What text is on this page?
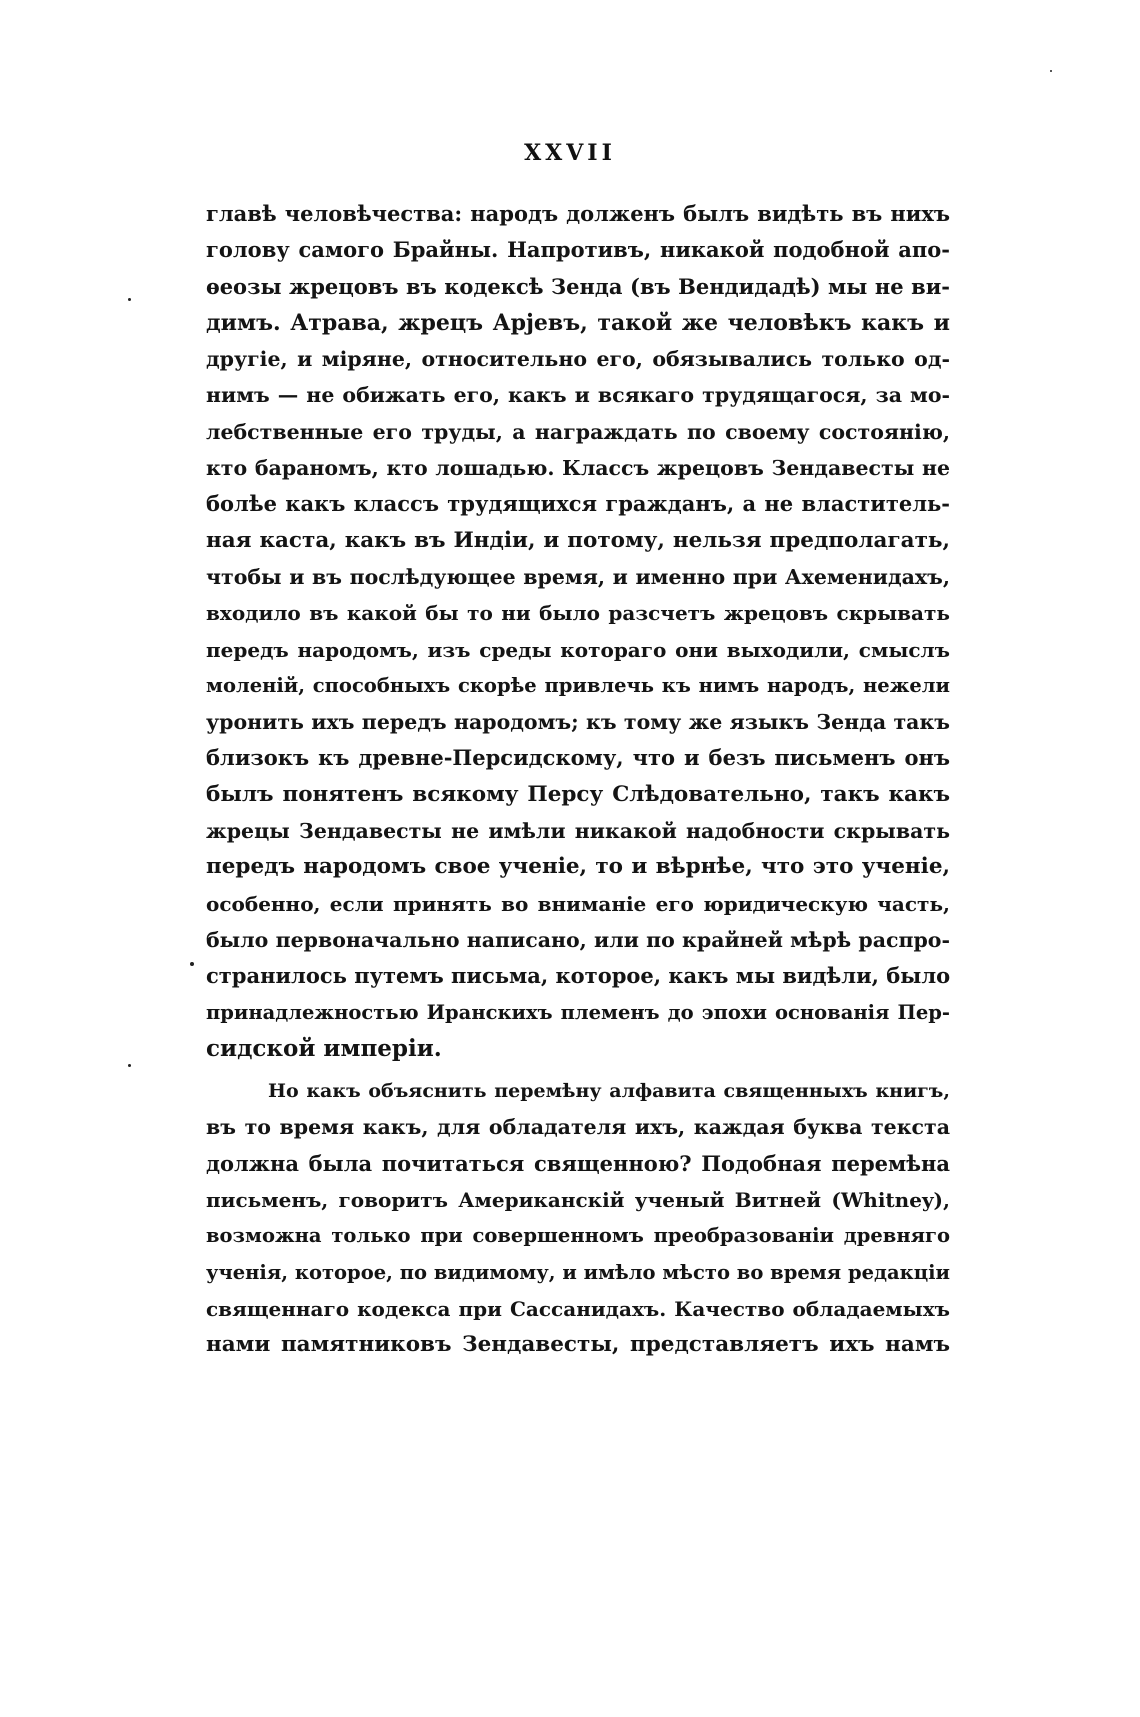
XXVII
главѣ человѣчества: народъ долженъ былъ видѣть въ нихъ
голову самого Брайны. Напротивъ, никакой подобной апо-
ѳеозы жрецовъ въ кодексѣ Зенда (въ Вендидадѣ) мы не ви-
димъ. Атрава, жрецъ Арјевъ, такой же человѣкъ какъ и
другіе, и міряне, относительно его, обязывались только од-
нимъ — не обижать его, какъ и всякаго трудящагося, за мо-
лебственные его труды, а награждать по своему состоянію,
кто бараномъ, кто лошадью. Классъ жрецовъ Зендавесты не
болѣе какъ классъ трудящихся гражданъ, а не властитель-
ная каста, какъ въ Индіи, и потому, нельзя предполагать,
чтобы и въ послѣдующее время, и именно при Ахеменидахъ,
входило въ какой бы то ни было разсчетъ жрецовъ скрывать
передъ народомъ, изъ среды котораго они выходили, смыслъ
моленій, способныхъ скорѣе привлечь къ нимъ народъ, нежели
уронить ихъ передъ народомъ; къ тому же языкъ Зенда такъ
близокъ къ древне-Персидскому, что и безъ письменъ онъ
былъ понятенъ всякому Персу Слѣдовательно, такъ какъ
жрецы Зендавесты не имѣли никакой надобности скрывать
передъ народомъ свое ученіе, то и вѣрнѣе, что это ученіе,
особенно, если принять во вниманіе его юридическую часть,
было первоначально написано, или по крайней мѣрѣ распро-
странилось путемъ письма, которое, какъ мы видѣли, было
принадлежностью Иранскихъ племенъ до эпохи основанія Пер-
сидской имперіи.
Но какъ объяснить перемѣну алфавита священныхъ книгъ,
въ то время какъ, для обладателя ихъ, каждая буква текста
должна была почитаться священною? Подобная перемѣна
письменъ, говоритъ Американскій ученый Витней (Whitney),
возможна только при совершенномъ преобразованіи древняго
ученія, которое, по видимому, и имѣло мѣсто во время редакціи
священнаго кодекса при Сассанидахъ. Качество обладаемыхъ
нами памятниковъ Зендавесты, представляетъ ихъ намъ
